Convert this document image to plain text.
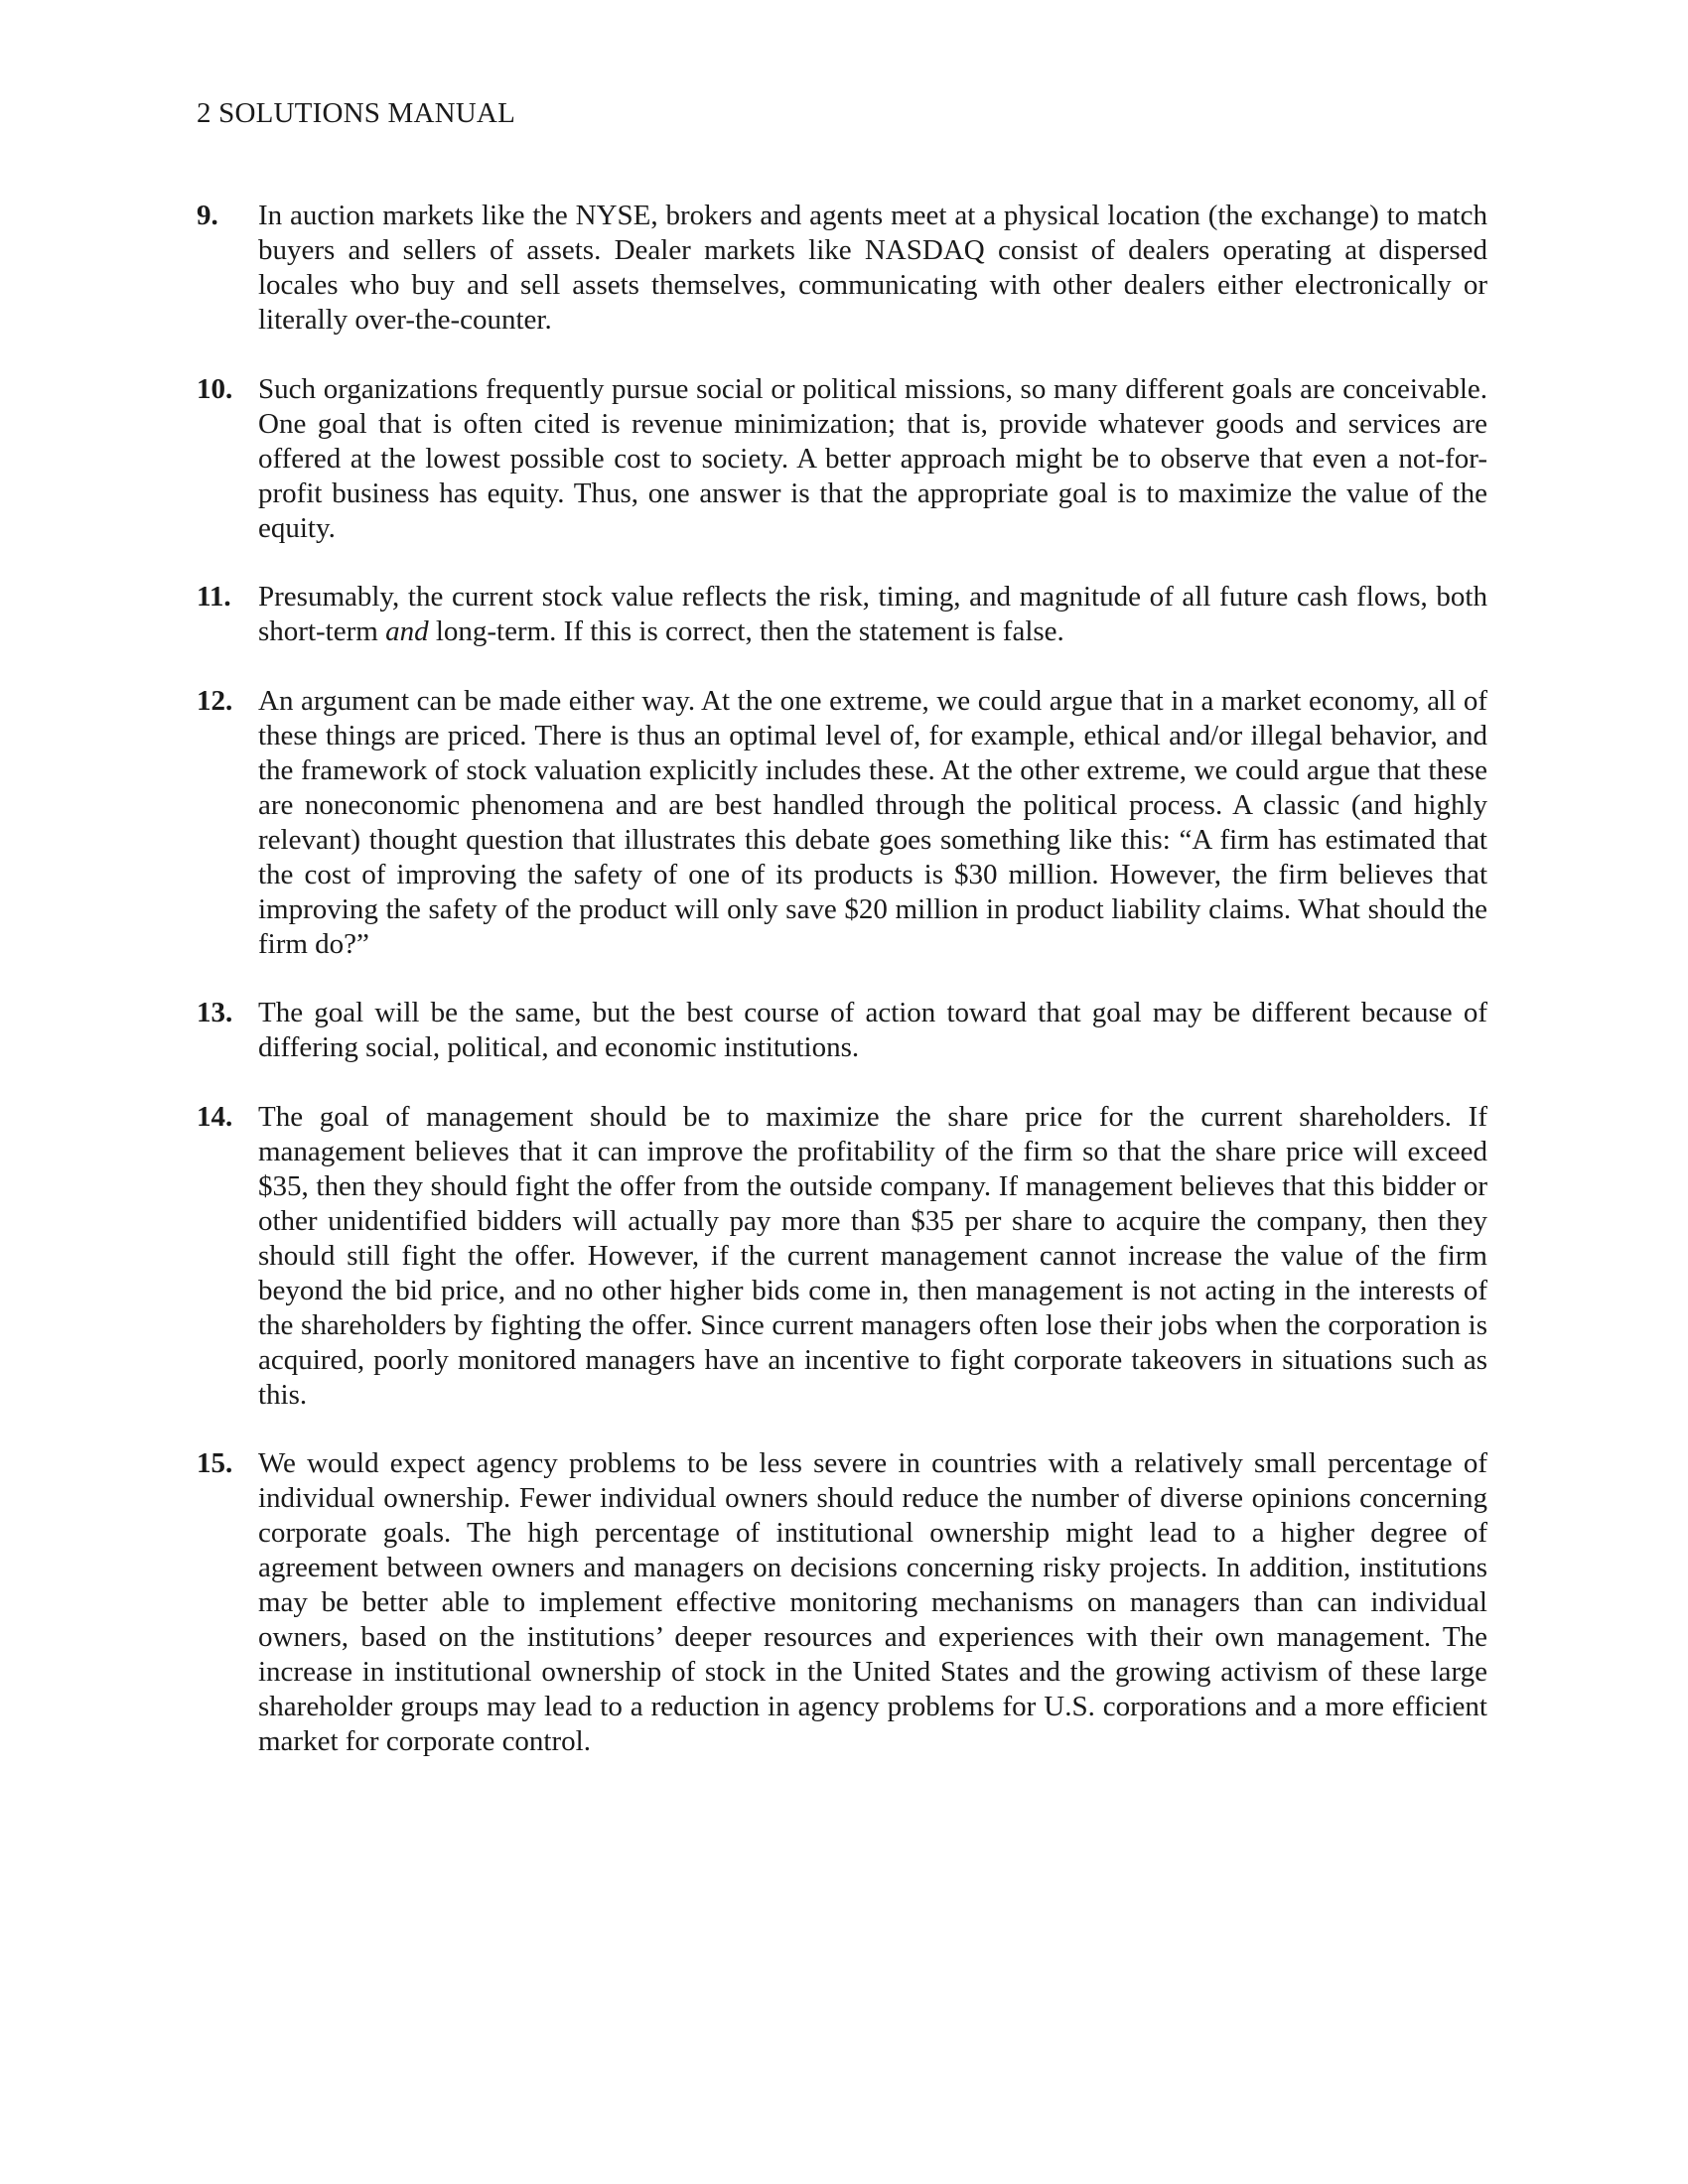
2 SOLUTIONS MANUAL
9.	In auction markets like the NYSE, brokers and agents meet at a physical location (the exchange) to match buyers and sellers of assets. Dealer markets like NASDAQ consist of dealers operating at dispersed locales who buy and sell assets themselves, communicating with other dealers either electronically or literally over-the-counter.

10. Such organizations frequently pursue social or political missions, so many different goals are conceivable. One goal that is often cited is revenue minimization; that is, provide whatever goods and services are offered at the lowest possible cost to society. A better approach might be to observe that even a not-for-profit business has equity. Thus, one answer is that the appropriate goal is to maximize the value of the equity.

11. Presumably, the current stock value reflects the risk, timing, and magnitude of all future cash flows, both short-term and long-term. If this is correct, then the statement is false.

12. An argument can be made either way. At the one extreme, we could argue that in a market economy, all of these things are priced. There is thus an optimal level of, for example, ethical and/or illegal behavior, and the framework of stock valuation explicitly includes these. At the other extreme, we could argue that these are noneconomic phenomena and are best handled through the political process. A classic (and highly relevant) thought question that illustrates this debate goes something like this: “A firm has estimated that the cost of improving the safety of one of its products is $30 million. However, the firm believes that improving the safety of the product will only save $20 million in product liability claims. What should the firm do?”

13. The goal will be the same, but the best course of action toward that goal may be different because of differing social, political, and economic institutions.

14. The goal of management should be to maximize the share price for the current shareholders. If management believes that it can improve the profitability of the firm so that the share price will exceed $35, then they should fight the offer from the outside company. If management believes that this bidder or other unidentified bidders will actually pay more than $35 per share to acquire the company, then they should still fight the offer. However, if the current management cannot increase the value of the firm beyond the bid price, and no other higher bids come in, then management is not acting in the interests of the shareholders by fighting the offer. Since current managers often lose their jobs when the corporation is acquired, poorly monitored managers have an incentive to fight corporate takeovers in situations such as this.

15. We would expect agency problems to be less severe in countries with a relatively small percentage of individual ownership. Fewer individual owners should reduce the number of diverse opinions concerning corporate goals. The high percentage of institutional ownership might lead to a higher degree of agreement between owners and managers on decisions concerning risky projects. In addition, institutions may be better able to implement effective monitoring mechanisms on managers than can individual owners, based on the institutions’ deeper resources and experiences with their own management. The increase in institutional ownership of stock in the United States and the growing activism of these large shareholder groups may lead to a reduction in agency problems for U.S. corporations and a more efficient market for corporate control.
